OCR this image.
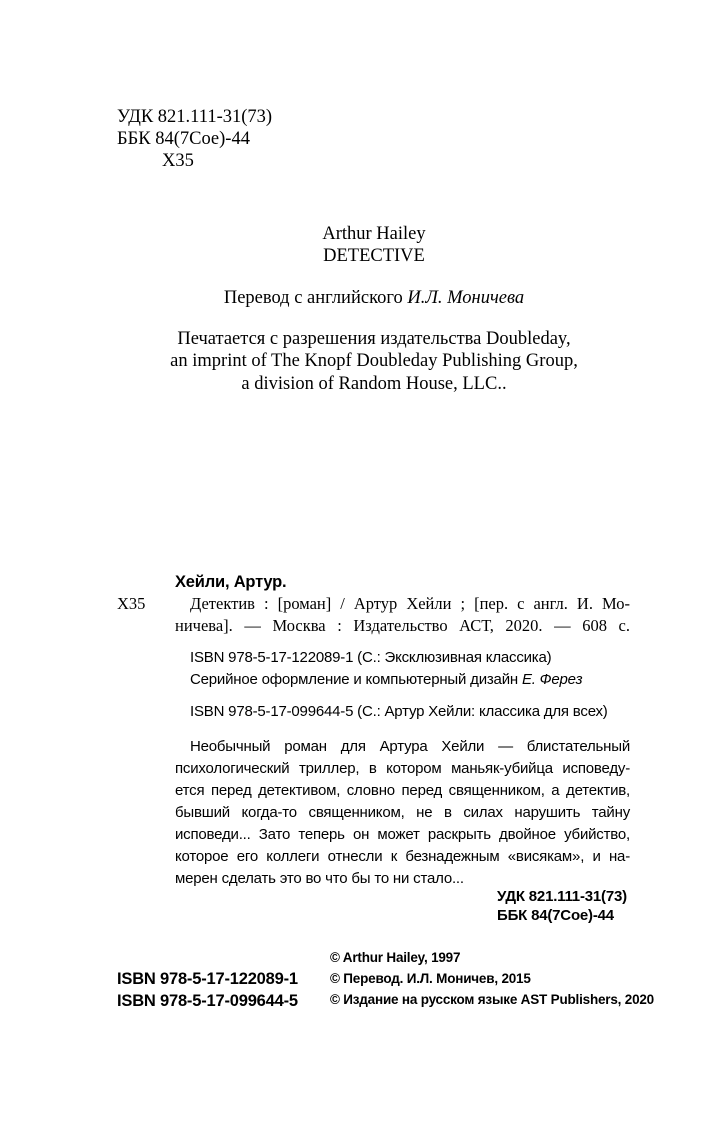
УДК 821.111-31(73)
ББК 84(7Сое)-44
Х35
Arthur Hailey
DETECTIVE
Перевод с английского И.Л. Моничева
Печатается с разрешения издательства Doubleday,
an imprint of The Knopf Doubleday Publishing Group,
a division of Random House, LLC..
Хейли, Артур.
Х35	Детектив : [роман] / Артур Хейли ; [пер. с англ. И. Мо-
ничева]. — Москва : Издательство АСТ, 2020. — 608 с.
ISBN 978-5-17-122089-1 (С.: Эксклюзивная классика)
Серийное оформление и компьютерный дизайн Е. Ферез
ISBN 978-5-17-099644-5 (С.: Артур Хейли: классика для всех)
Необычный роман для Артура Хейли — блистательный
психологический триллер, в котором маньяк-убийца исповеду-
ется перед детективом, словно перед священником, а детектив,
бывший когда-то священником, не в силах нарушить тайну
исповеди... Зато теперь он может раскрыть двойное убийство,
которое его коллеги отнесли к безнадежным «висякам», и на-
мерен сделать это во что бы то ни стало...
УДК 821.111-31(73)
ББК 84(7Сое)-44
ISBN 978-5-17-122089-1
ISBN 978-5-17-099644-5
© Arthur Hailey, 1997
© Перевод. И.Л. Моничев, 2015
© Издание на русском языке AST Publishers, 2020
